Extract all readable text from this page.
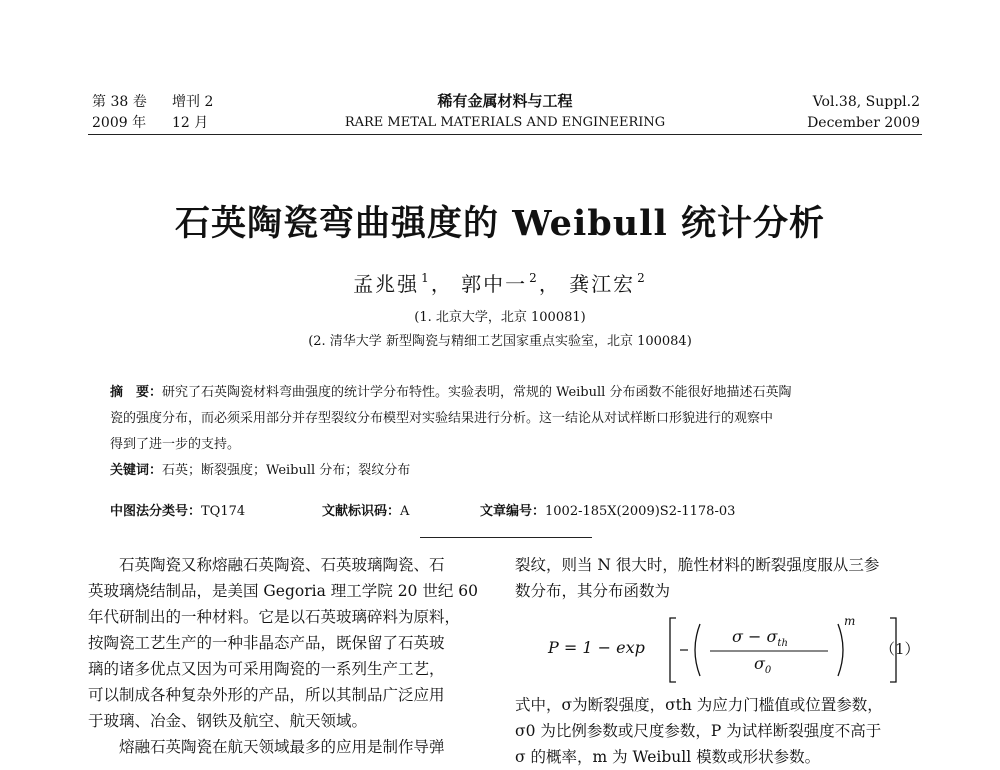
第 38 卷 增刊 2
2009 年 12 月
稀有金属材料与工程
RARE METAL MATERIALS AND ENGINEERING
Vol.38, Suppl.2
December 2009
石英陶瓷弯曲强度的 Weibull 统计分析
孟兆强 $^1$， 郭中一 $^2$， 龚江宏 $^2$
(1. 北京大学，北京 100081)
(2. 清华大学 新型陶瓷与精细工艺国家重点实验室，北京 100084)
摘　要：研究了石英陶瓷材料弯曲强度的统计学分布特性。实验表明，常规的 Weibull 分布函数不能很好地描述石英陶
瓷的强度分布，而必须采用部分并存型裂纹分布模型对实验结果进行分析。这一结论从对试样断口形貌进行的观察中
得到了进一步的支持。
关键词：石英；断裂强度；Weibull 分布；裂纹分布
中图法分类号：TQ174	文献标识码：A	文章编号：1002-185X(2009)S2-1178-03
石英陶瓷又称熔融石英陶瓷、石英玻璃陶瓷、石
英玻璃烧结制品，是美国 Gegoria 理工学院 20 世纪 60
年代研制出的一种材料。它是以石英玻璃碎料为原料，
按陶瓷工艺生产的一种非晶态产品，既保留了石英玻
璃的诸多优点又因为可采用陶瓷的一系列生产工艺，
可以制成各种复杂外形的产品，所以其制品广泛应用
于玻璃、冶金、钢铁及航空、航天领域。
熔融石英陶瓷在航天领域最多的应用是制作导弹
裂纹，则当 N 很大时，脆性材料的断裂强度服从三参
数分布，其分布函数为
P = 1 − exp
$\sigma - \sigma_{th}$
$\sigma_0$
m
（1）
式中，σ为断裂强度，σth 为应力门槛值或位置参数，
σ0 为比例参数或尺度参数，P 为试样断裂强度不高于
σ 的概率，m 为 Weibull 模数或形状参数。
